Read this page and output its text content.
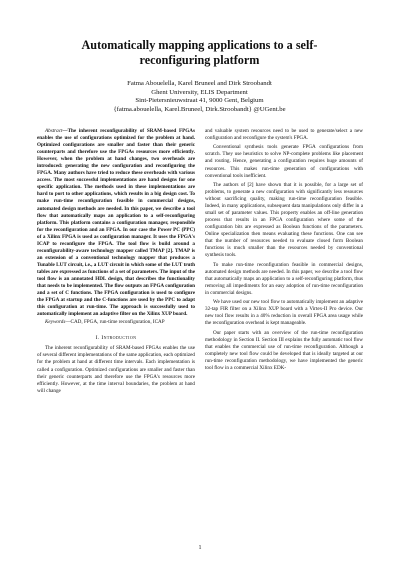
Automatically mapping applications to a self-reconfiguring platform
Fatma Abouelella, Karel Bruneel and Dirk Stroobandt
Ghent University, ELIS Department
Sint-Pietersnieuwstraat 41, 9000 Gent, Belgium
{fatma.abouelella, Karel.Bruneel, Dirk.Stroobandt} @UGent.be

Abstract—The inherent reconfigurability of SRAM-based FPGAs enables the use of configurations optimized for the problem at hand. Optimized configurations are smaller and faster than their generic counterparts and therefore use the FPGAs resources more efficiently. However, when the problem at hand changes, two overheads are introduced: generating the new configuration and reconfiguring the FPGA. Many authors have tried to reduce these overheads with various access. The most successful implementations are hand designs for one specific application. The methods used in these implementations are hard to port to other applications, which results in a big design cost. To make run-time reconfiguration feasible in commercial designs, automated design methods are needed. In this paper, we describe a tool flow that automatically maps an application to a self-reconfiguring platform. This platform contains a configuration manager, responsible for the reconfiguration and an FPGA. In our case the Power PC (PPC) of a Xilinx FPGA is used as configuration manager. It uses the FPGA's ICAP to reconfigure the FPGA. The tool flow is build around a reconfigurability-aware technology mapper called TMAP [2]. TMAP is an extension of a conventional technology mapper that produces a Tunable LUT circuit, i.e., a LUT circuit in which some of the LUT truth tables are expressed as functions of a set of parameters. The input of the tool flow is an annotated HDL design, that describes the functionality that needs to be implemented. The flow outputs an FPGA configuration and a set of C functions. The FPGA configuration is used to configure the FPGA at startup and the C-functions are used by the PPC to adapt this configuration at run-time. The approach is successfully used to automatically implement an adaptive filter on the Xilinx XUP board.

Keywords—CAD, FPGA, run-time reconfiguration, ICAP

I. Introduction

The inherent reconfigurability of SRAM-based FPGAs enables the use of several different implementations of the same application, each optimized for the problem at hand at different time intervals. Each implementation is called a configuration. Optimized configurations are smaller and faster than their generic counterparts and therefore use the FPGA's resources more efficiently. However, at the time interval boundaries, the problem at hand will change

and valuable system resources need to be used to generate/select a new configuration and reconfigure the system's FPGA.

Conventional synthesis tools generate FPGA configurations from scratch. They use heuristics to solve NP-complete problems like placement and routing. Hence, generating a configuration requires huge amounts of resources. This makes run-time generation of configurations with conventional tools inefficient.

The authors of [2] have shown that it is possible, for a large set of problems, to generate a new configuration with significantly less resources without sacrificing quality, making run-time reconfiguration feasible. Indeed, in many applications, subsequent data manipulations only differ in a small set of parameter values. This property enables an off-line generation process that results in an FPGA configuration where some of the configuration bits are expressed as Boolean functions of the parameters. Online specialization then means evaluating these functions. One can see that the number of resources needed to evaluate closed form Boolean functions is much smaller than the resources needed by conventional synthesis tools.

To make run-time reconfiguration feasible in commercial designs, automated design methods are needed. In this paper, we describe a tool flow that automatically maps an application to a self-reconfiguring platform, thus removing all impediments for an easy adoption of run-time reconfiguration in commercial designs.

We have used our new tool flow to automatically implement an adaptive 32-tap FIR filter on a Xilinx XUP board with a Virtex-II Pro device. Our new tool flow results in a 40% reduction in overall FPGA area usage while the reconfiguration overhead is kept manageable.

Our paper starts with an overview of the run-time reconfiguration methodology in Section II. Section III explains the fully automatic tool flow that enables the commercial use of run-time reconfiguration. Although a completely new tool flow could be developed that is ideally targeted at our run-time reconfiguration methodology, we have implemented the generic tool flow in a commercial Xilinx EDK-

1
